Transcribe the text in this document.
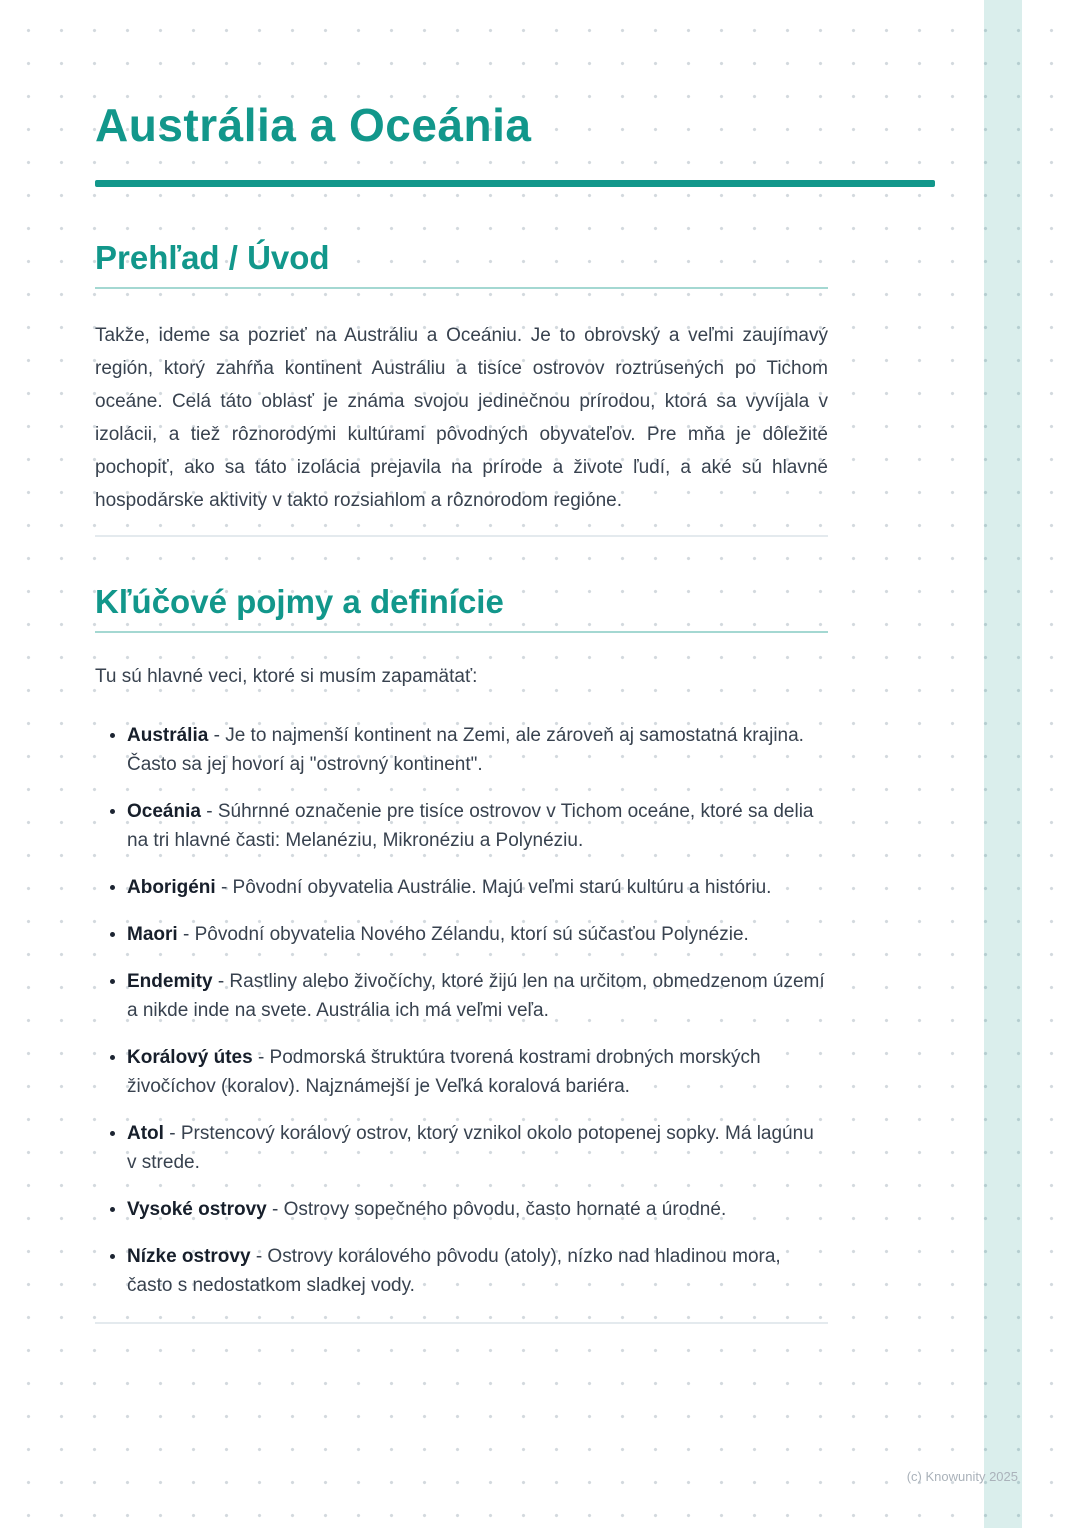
Austrália a Oceánia
Prehľad / Úvod

Takže, ideme sa pozrieť na Austráliu a Oceániu. Je to obrovský a veľmi zaujímavý región, ktorý zahŕňa kontinent Austráliu a tisíce ostrovov roztrúsených po Tichom oceáne. Celá táto oblasť je známa svojou jedinečnou prírodou, ktorá sa vyvíjala v izolácii, a tiež rôznorodými kultúrami pôvodných obyvateľov. Pre mňa je dôležité pochopiť, ako sa táto izolácia prejavila na prírode a živote ľudí, a aké sú hlavné hospodárske aktivity v takto rozsiahlom a rôznorodom regióne.

Kľúčové pojmy a definície

Tu sú hlavné veci, ktoré si musím zapamätať:

• Austrália - Je to najmenší kontinent na Zemi, ale zároveň aj samostatná krajina. Často sa jej hovorí aj "ostrovný kontinent".
• Oceánia - Súhrnné označenie pre tisíce ostrovov v Tichom oceáne, ktoré sa delia na tri hlavné časti: Melanéziu, Mikronéziu a Polynéziu.
• Aborigéni - Pôvodní obyvatelia Austrálie. Majú veľmi starú kultúru a históriu.
• Maori - Pôvodní obyvatelia Nového Zélandu, ktorí sú súčasťou Polynézie.
• Endemity - Rastliny alebo živočíchy, ktoré žijú len na určitom, obmedzenom území a nikde inde na svete. Austrália ich má veľmi veľa.
• Korálový útes - Podmorská štruktúra tvorená kostrami drobných morských živočíchov (koralov). Najznámejší je Veľká koralová bariéra.
• Atol - Prstencový korálový ostrov, ktorý vznikol okolo potopenej sopky. Má lagúnu v strede.
• Vysoké ostrovy - Ostrovy sopečného pôvodu, často hornaté a úrodné.
• Nízke ostrovy - Ostrovy korálového pôvodu (atoly), nízko nad hladinou mora, často s nedostatkom sladkej vody.
(c) Knowunity 2025
